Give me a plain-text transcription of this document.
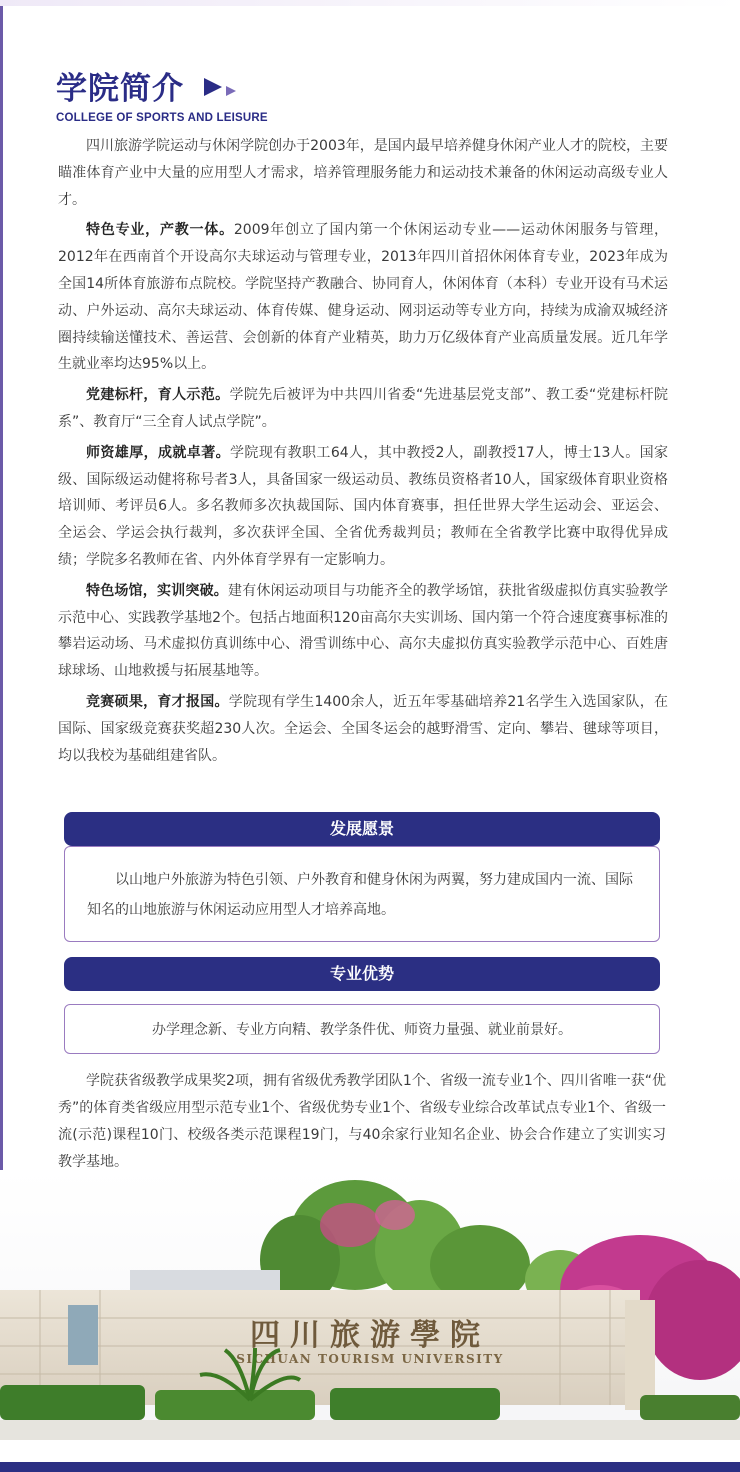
学院简介
COLLEGE OF SPORTS AND LEISURE

四川旅游学院运动与休闲学院创办于2003年，是国内最早培养健身休闲产业人才的院校，主要瞄准体育产业中大量的应用型人才需求，培养管理服务能力和运动技术兼备的休闲运动高级专业人才。

特色专业，产教一体。2009年创立了国内第一个休闲运动专业——运动休闲服务与管理，2012年在西南首个开设高尔夫球运动与管理专业，2013年四川首招休闲体育专业，2023年成为全国14所体育旅游布点院校。学院坚持产教融合、协同育人，休闲体育（本科）专业开设有马术运动、户外运动、高尔夫球运动、体育传媒、健身运动、网羽运动等专业方向，持续为成渝双城经济圈持续输送懂技术、善运营、会创新的体育产业精英，助力万亿级体育产业高质量发展。近几年学生就业率均达95%以上。

党建标杆，育人示范。学院先后被评为中共四川省委“先进基层党支部”、教工委“党建标杆院系”、教育厅“三全育人试点学院”。

师资雄厚，成就卓著。学院现有教职工64人，其中教授2人，副教授17人，博士13人。国家级、国际级运动健将称号者3人，具备国家一级运动员、教练员资格者10人，国家级体育职业资格培训师、考评员6人。多名教师多次执裁国际、国内体育赛事，担任世界大学生运动会、亚运会、全运会、学运会执行裁判，多次获评全国、全省优秀裁判员；教师在全省教学比赛中取得优异成绩；学院多名教师在省、内外体育学界有一定影响力。

特色场馆，实训突破。建有休闲运动项目与功能齐全的教学场馆，获批省级虚拟仿真实验教学示范中心、实践教学基地2个。包括占地面积120亩高尔夫实训场、国内第一个符合速度赛事标准的攀岩运动场、马术虚拟仿真训练中心、滑雪训练中心、高尔夫虚拟仿真实验教学示范中心、百姓唐球球场、山地救援与拓展基地等。

竞赛硕果，育才报国。学院现有学生1400余人，近五年零基础培养21名学生入选国家队，在国际、国家级竞赛获奖超230人次。全运会、全国冬运会的越野滑雪、定向、攀岩、毽球等项目，均以我校为基础组建省队。

发展愿景
以山地户外旅游为特色引领、户外教育和健身休闲为两翼，努力建成国内一流、国际知名的山地旅游与休闲运动应用型人才培养高地。
专业优势
办学理念新、专业方向精、教学条件优、师资力量强、就业前景好。

学院获省级教学成果奖2项，拥有省级优秀教学团队1个、省级一流专业1个、四川省唯一获“优秀”的体育类省级应用型示范专业1个、省级优势专业1个、省级专业综合改革试点专业1个、省级一流(示范)课程10门、校级各类示范课程19门，与40余家行业知名企业、协会合作建立了实训实习教学基地。

四川旅游學院
SICHUAN TOURISM UNIVERSITY
